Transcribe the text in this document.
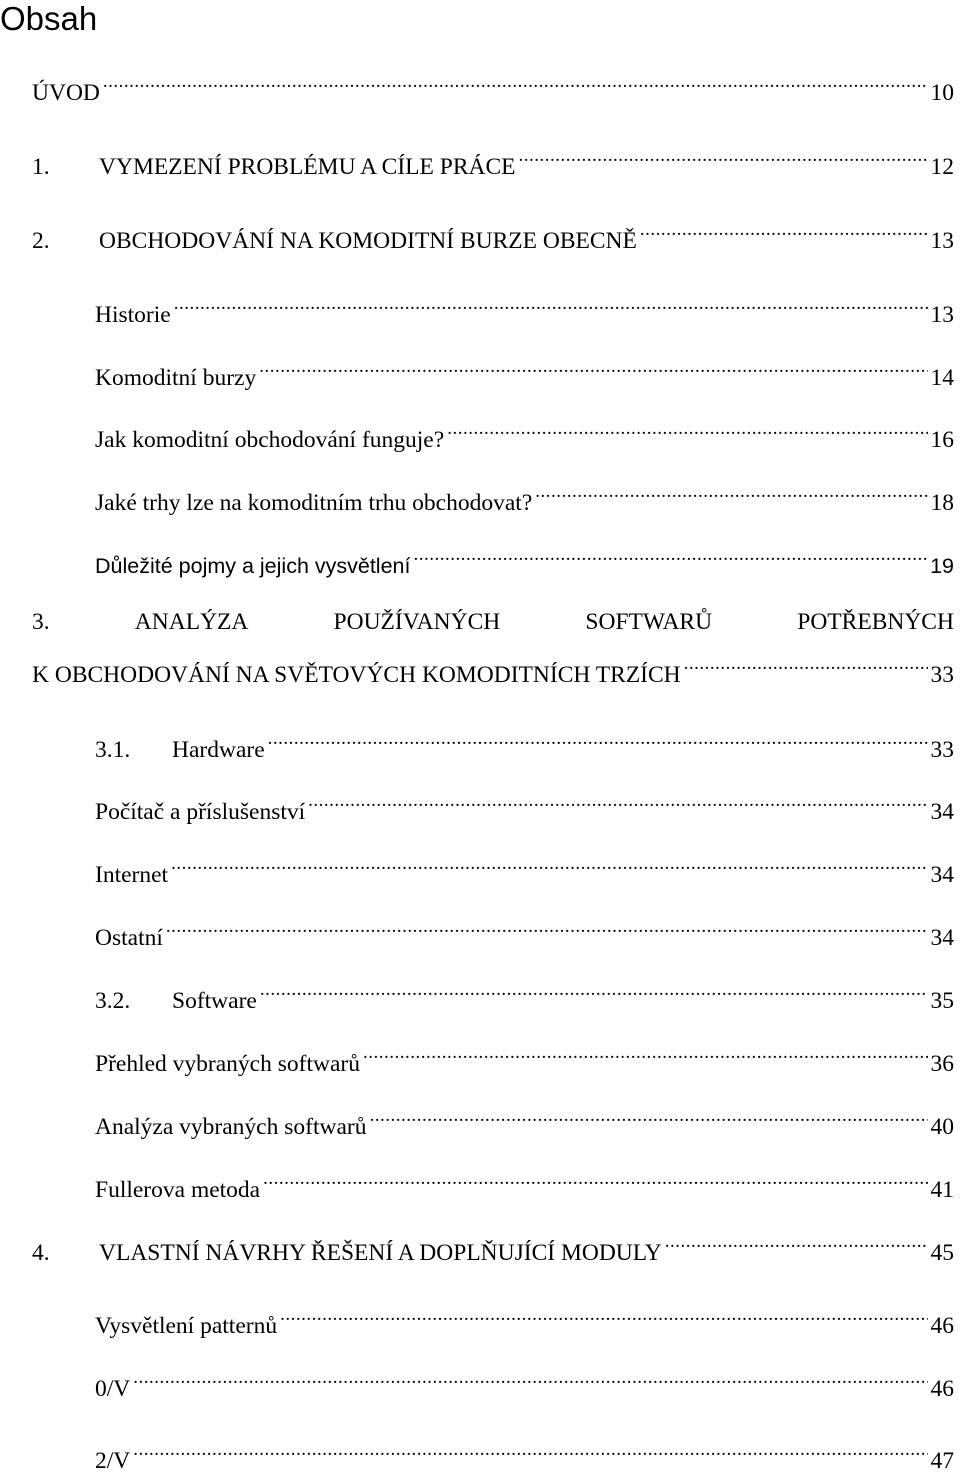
Obsah
ÚVOD .....	10
1.	VYMEZENÍ PROBLÉMU A CÍLE PRÁCE .....	12
2.	OBCHODOVÁNÍ NA KOMODITNÍ BURZE OBECNĚ .....	13
Historie .....	13
Komoditní burzy .....	14
Jak komoditní obchodování funguje? .....	16
Jaké trhy lze na komoditním trhu obchodovat? .....	18
Důležité pojmy a jejich vysvětlení .....	19
3.	ANALÝZA	POUŽÍVANÝCH	SOFTWARŮ	POTŘEBNÝCH
K OBCHODOVÁNÍ NA SVĚTOVÝCH KOMODITNÍCH TRZÍCH .....	33
3.1.	Hardware .....	33
Počítač a příslušenství .....	34
Internet .....	34
Ostatní .....	34
3.2.	Software .....	35
Přehled vybraných softwarů .....	36
Analýza vybraných softwarů .....	40
Fullerova metoda .....	41
4.	VLASTNÍ NÁVRHY ŘEŠENÍ A DOPLŇUJÍCÍ MODULY .....	45
Vysvětlení patternů .....	46
0/V .....	46
2/V .....	47
